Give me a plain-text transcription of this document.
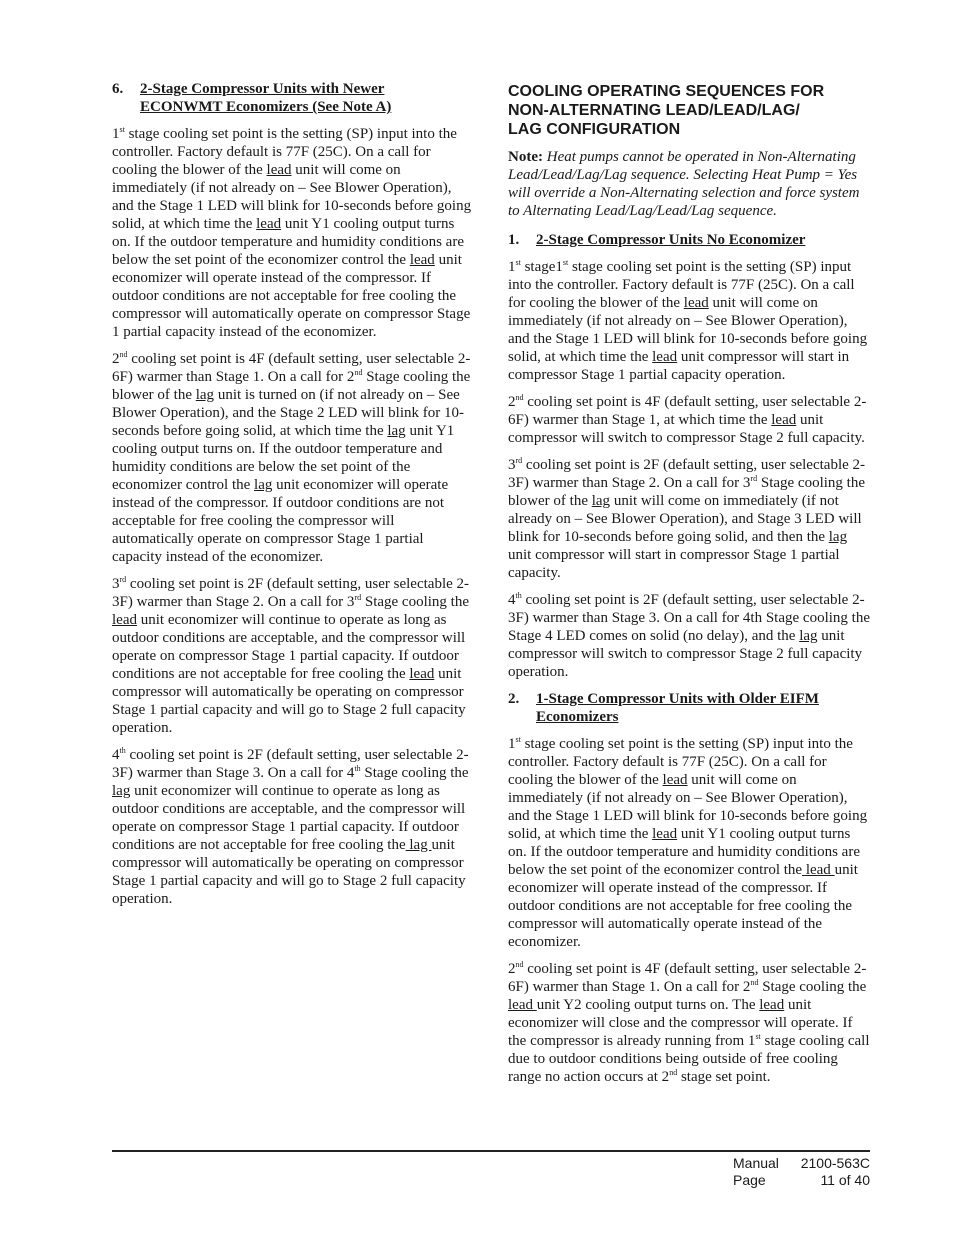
6.	2-Stage Compressor Units with Newer
ECONWMT Economizers (See Note A)

1st stage cooling set point is the setting (SP) input into the controller. Factory default is 77F (25C). On a call for cooling the blower of the lead unit will come on immediately (if not already on – See Blower Operation), and the Stage 1 LED will blink for 10-seconds before going solid, at which time the lead unit Y1 cooling output turns on. If the outdoor temperature and humidity conditions are below the set point of the economizer control the lead unit economizer will operate instead of the compressor. If outdoor conditions are not acceptable for free cooling the compressor will automatically operate on compressor Stage 1 partial capacity instead of the economizer.

2nd cooling set point is 4F (default setting, user selectable 2-6F) warmer than Stage 1. On a call for 2nd Stage cooling the blower of the lag unit is turned on (if not already on – See Blower Operation), and the Stage 2 LED will blink for 10-seconds before going solid, at which time the lag unit Y1 cooling output turns on. If the outdoor temperature and humidity conditions are below the set point of the economizer control the lag unit economizer will operate instead of the compressor. If outdoor conditions are not acceptable for free cooling the compressor will automatically operate on compressor Stage 1 partial capacity instead of the economizer.

3rd cooling set point is 2F (default setting, user selectable 2-3F) warmer than Stage 2. On a call for 3rd Stage cooling the lead unit economizer will continue to operate as long as outdoor conditions are acceptable, and the compressor will operate on compressor Stage 1 partial capacity. If outdoor conditions are not acceptable for free cooling the lead unit compressor will automatically be operating on compressor Stage 1 partial capacity and will go to Stage 2 full capacity operation.

4th cooling set point is 2F (default setting, user selectable 2-3F) warmer than Stage 3. On a call for 4th Stage cooling the lag unit economizer will continue to operate as long as outdoor conditions are acceptable, and the compressor will operate on compressor Stage 1 partial capacity. If outdoor conditions are not acceptable for free cooling the lag unit compressor will automatically be operating on compressor Stage 1 partial capacity and will go to Stage 2 full capacity operation.

COOLING OPERATING SEQUENCES FOR
NON-ALTERNATING LEAD/LEAD/LAG/
LAG CONFIGURATION

Note: Heat pumps cannot be operated in Non-Alternating Lead/Lead/Lag/Lag sequence. Selecting Heat Pump = Yes will override a Non-Alternating selection and force system to Alternating Lead/Lag/Lead/Lag sequence.

1.	2-Stage Compressor Units No Economizer

1st stage1st stage cooling set point is the setting (SP) input into the controller. Factory default is 77F (25C). On a call for cooling the blower of the lead unit will come on immediately (if not already on – See Blower Operation), and the Stage 1 LED will blink for 10-seconds before going solid, at which time the lead unit compressor will start in compressor Stage 1 partial capacity operation.

2nd cooling set point is 4F (default setting, user selectable 2-6F) warmer than Stage 1, at which time the lead unit compressor will switch to compressor Stage 2 full capacity.

3rd cooling set point is 2F (default setting, user selectable 2-3F) warmer than Stage 2. On a call for 3rd Stage cooling the blower of the lag unit will come on immediately (if not already on – See Blower Operation), and Stage 3 LED will blink for 10-seconds before going solid, and then the lag unit compressor will start in compressor Stage 1 partial capacity.

4th cooling set point is 2F (default setting, user selectable 2-3F) warmer than Stage 3. On a call for 4th Stage cooling the Stage 4 LED comes on solid (no delay), and the lag unit compressor will switch to compressor Stage 2 full capacity operation.

2.	1-Stage Compressor Units with Older EIFM
Economizers

1st stage cooling set point is the setting (SP) input into the controller. Factory default is 77F (25C). On a call for cooling the blower of the lead unit will come on immediately (if not already on – See Blower Operation), and the Stage 1 LED will blink for 10-seconds before going solid, at which time the lead unit Y1 cooling output turns on. If the outdoor temperature and humidity conditions are below the set point of the economizer control the lead unit economizer will operate instead of the compressor. If outdoor conditions are not acceptable for free cooling the compressor will automatically operate instead of the economizer.

2nd cooling set point is 4F (default setting, user selectable 2-6F) warmer than Stage 1. On a call for 2nd Stage cooling the lead unit Y2 cooling output turns on. The lead unit economizer will close and the compressor will operate. If the compressor is already running from 1st stage cooling call due to outdoor conditions being outside of free cooling range no action occurs at 2nd stage set point.

Manual 2100-563C
Page	11 of 40
